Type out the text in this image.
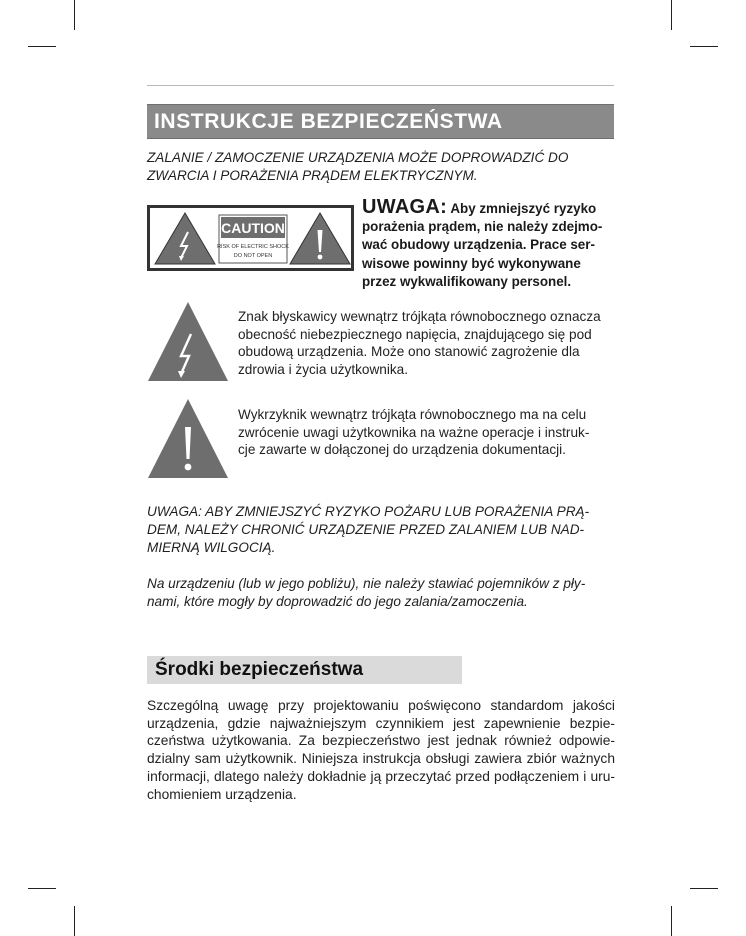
INSTRUKCJE BEZPIECZEŃSTWA
ZALANIE / ZAMOCZENIE URZĄDZENIA MOŻE DOPROWADZIĆ DO
ZWARCIA I PORAŻENIA PRĄDEM ELEKTRYCZNYM.
CAUTION
RISK OF ELECTRIC SHOCK
DO NOT OPEN
UWAGA: Aby zmniejszyć ryzyko
porażenia prądem, nie należy zdejmo-
wać obudowy urządzenia. Prace ser-
wisowe powinny być wykonywane
przez wykwalifikowany personel.
Znak błyskawicy wewnątrz trójkąta równobocznego oznacza
obecność niebezpiecznego napięcia, znajdującego się pod
obudową urządzenia. Może ono stanowić zagrożenie dla
zdrowia i życia użytkownika.
Wykrzyknik wewnątrz trójkąta równobocznego ma na celu
zwrócenie uwagi użytkownika na ważne operacje i instruk-
cje zawarte w dołączonej do urządzenia dokumentacji.
UWAGA: ABY ZMNIEJSZYĆ RYZYKO POŻARU LUB PORAŻENIA PRĄ-
DEM, NALEŻY CHRONIĆ URZĄDZENIE PRZED ZALANIEM LUB NAD-
MIERNĄ WILGOCIĄ.
Na urządzeniu (lub w jego pobliżu), nie należy stawiać pojemników z pły-
nami, które mogły by doprowadzić do jego zalania/zamoczenia.
Środki bezpieczeństwa
Szczególną uwagę przy projektowaniu poświęcono standardom jakości urządzenia, gdzie najważniejszym czynnikiem jest zapewnienie bezpie-czeństwa użytkowania. Za bezpieczeństwo jest jednak również odpowie-dzialny sam użytkownik. Niniejsza instrukcja obsługi zawiera zbiór ważnych informacji, dlatego należy dokładnie ją przeczytać przed podłączeniem i uru-chomieniem urządzenia.
